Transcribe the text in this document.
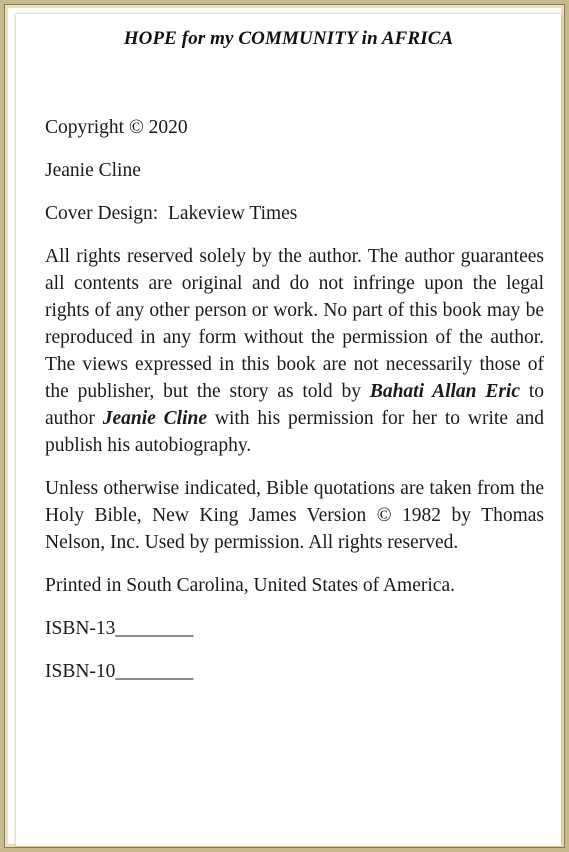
HOPE for my COMMUNITY in AFRICA

Copyright © 2020

Jeanie Cline

Cover Design:  Lakeview Times

All rights reserved solely by the author. The author guarantees all contents are original and do not infringe upon the legal rights of any other person or work. No part of this book may be reproduced in any form without the permission of the author. The views expressed in this book are not necessarily those of the publisher, but the story as told by Bahati Allan Eric to author Jeanie Cline with his permission for her to write and publish his autobiography.

Unless otherwise indicated, Bible quotations are taken from the Holy Bible, New King James Version © 1982 by Thomas Nelson, Inc. Used by permission. All rights reserved.

Printed in South Carolina, United States of America.

ISBN-13________

ISBN-10________
